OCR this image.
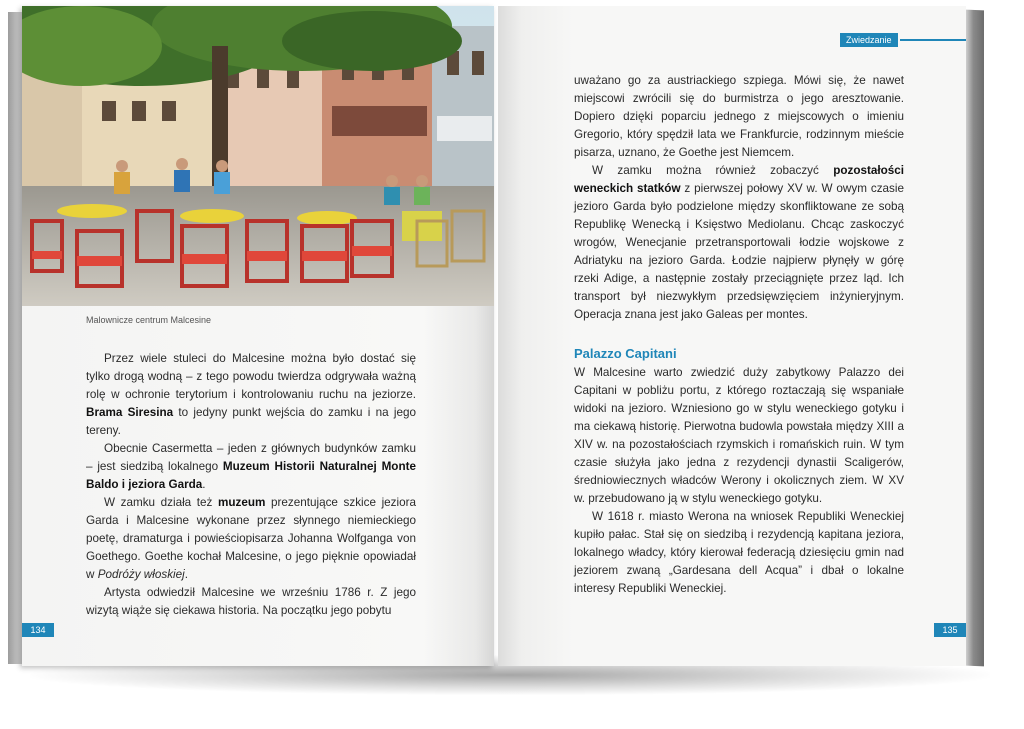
Malownicze centrum Malcesine

Przez wiele stuleci do Malcesine można było dostać się tylko drogą wodną – z tego powodu twierdza odgrywała ważną rolę w ochronie terytorium i kontrolowaniu ruchu na jeziorze. Brama Siresina to jedyny punkt wejścia do zamku i na jego tereny.

Obecnie Casermetta – jeden z głównych budynków zamku – jest siedzibą lokalnego Muzeum Historii Naturalnej Monte Baldo i jeziora Garda.

W zamku działa też muzeum prezentujące szkice jeziora Garda i Malcesine wykonane przez słynnego niemieckiego poetę, dramaturga i powieściopisarza Johanna Wolfganga von Goethego. Goethe kochał Malcesine, o jego pięknie opowiadał w Podróży włoskiej.

Artysta odwiedził Malcesine we wrześniu 1786 r. Z jego wizytą wiąże się ciekawa historia. Na początku jego pobytu

134
Zwiedzanie

uważano go za austriackiego szpiega. Mówi się, że nawet miejscowi zwrócili się do burmistrza o jego aresztowanie. Dopiero dzięki poparciu jednego z miejscowych o imieniu Gregorio, który spędził lata we Frankfurcie, rodzinnym mieście pisarza, uznano, że Goethe jest Niemcem.

W zamku można również zobaczyć pozostałości weneckich statków z pierwszej połowy XV w. W owym czasie jezioro Garda było podzielone między skonfliktowane ze sobą Republikę Wenecką i Księstwo Mediolanu. Chcąc zaskoczyć wrogów, Wenecjanie przetransportowali łodzie wojskowe z Adriatyku na jezioro Garda. Łodzie najpierw płynęły w górę rzeki Adige, a następnie zostały przeciągnięte przez ląd. Ich transport był niezwykłym przedsięwzięciem inżynieryjnym. Operacja znana jest jako Galeas per montes.

Palazzo Capitani

W Malcesine warto zwiedzić duży zabytkowy Palazzo dei Capitani w pobliżu portu, z którego roztaczają się wspaniałe widoki na jezioro. Wzniesiono go w stylu weneckiego gotyku i ma ciekawą historię. Pierwotna budowla powstała między XIII a XIV w. na pozostałościach rzymskich i romańskich ruin. W tym czasie służyła jako jedna z rezydencji dynastii Scaligerów, średniowiecznych władców Werony i okolicznych ziem. W XV w. przebudowano ją w stylu weneckiego gotyku.

W 1618 r. miasto Werona na wniosek Republiki Weneckiej kupiło pałac. Stał się on siedzibą i rezydencją kapitana jeziora, lokalnego władcy, który kierował federacją dziesięciu gmin nad jeziorem zwaną „Gardesana dell Acqua” i dbał o lokalne interesy Republiki Weneckiej.

135
